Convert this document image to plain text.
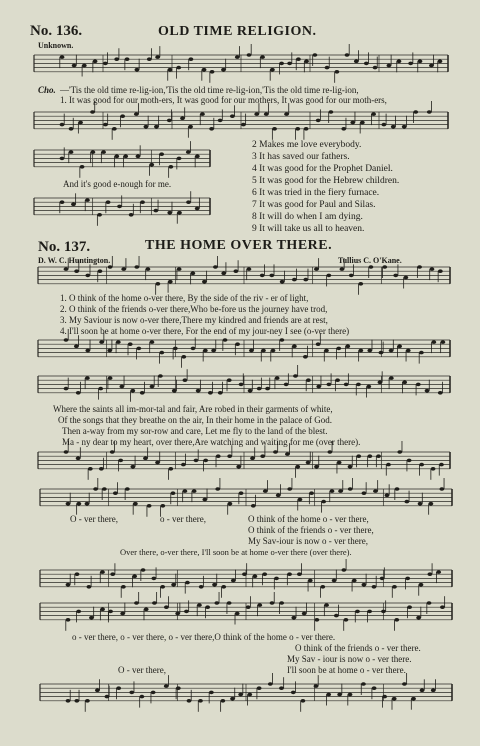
No. 136.	OLD TIME RELIGION.
Unknown.
Cho. —'Tis the old time re-lig-ion,'Tis the old time re-lig-ion,'Tis the old time re-lig-ion,
1. It was good for our moth-ers, It was good for our mothers, It was good for our moth-ers,
And it's good e-nough for me.
2 Makes me love everybody.
3 It has saved our fathers.
4 It was good for the Prophet Daniel.
5 It was good for the Hebrew children.
6 It was tried in the fiery furnace.
7 It was good for Paul and Silas.
8 It will do when I am dying.
9 It will take us all to heaven.
No. 137.	THE HOME OVER THERE.
D. W. C. Huntington.	Tullius C. O'Kane.
1. O think of the home o-ver there, By the side of the riv - er of light,
2. O think of the friends o-ver there,Who be-fore us the journey have trod,
3. My Saviour is now o-ver there,There my kindred and friends are at rest,
4. I'll soon be at home o-ver there, For the end of my jour-ney I see (o-ver there)
Where the saints all im-mor-tal and fair, Are robed in their garments of white,
Of the songs that they breathe on the air, In their home in the palace of God.
Then a-way from my sor-row and care, Let me fly to the land of the blest.
Ma - ny dear to my heart, over there,Are watching and waiting for me (over there).
O - ver there,	o - ver there,	O think of the home o - ver there,
O think of the friends o - ver there,
My Sav-iour is now o - ver there,
Over there, o-ver there, I'll soon be at home o-ver there (over there).
o - ver there, o - ver there, o - ver there,O think of the home o - ver there.
O think of the friends o - ver there.
My Sav - iour is now o - ver there.
O - ver there,	I'll soon be at home o - ver there.
